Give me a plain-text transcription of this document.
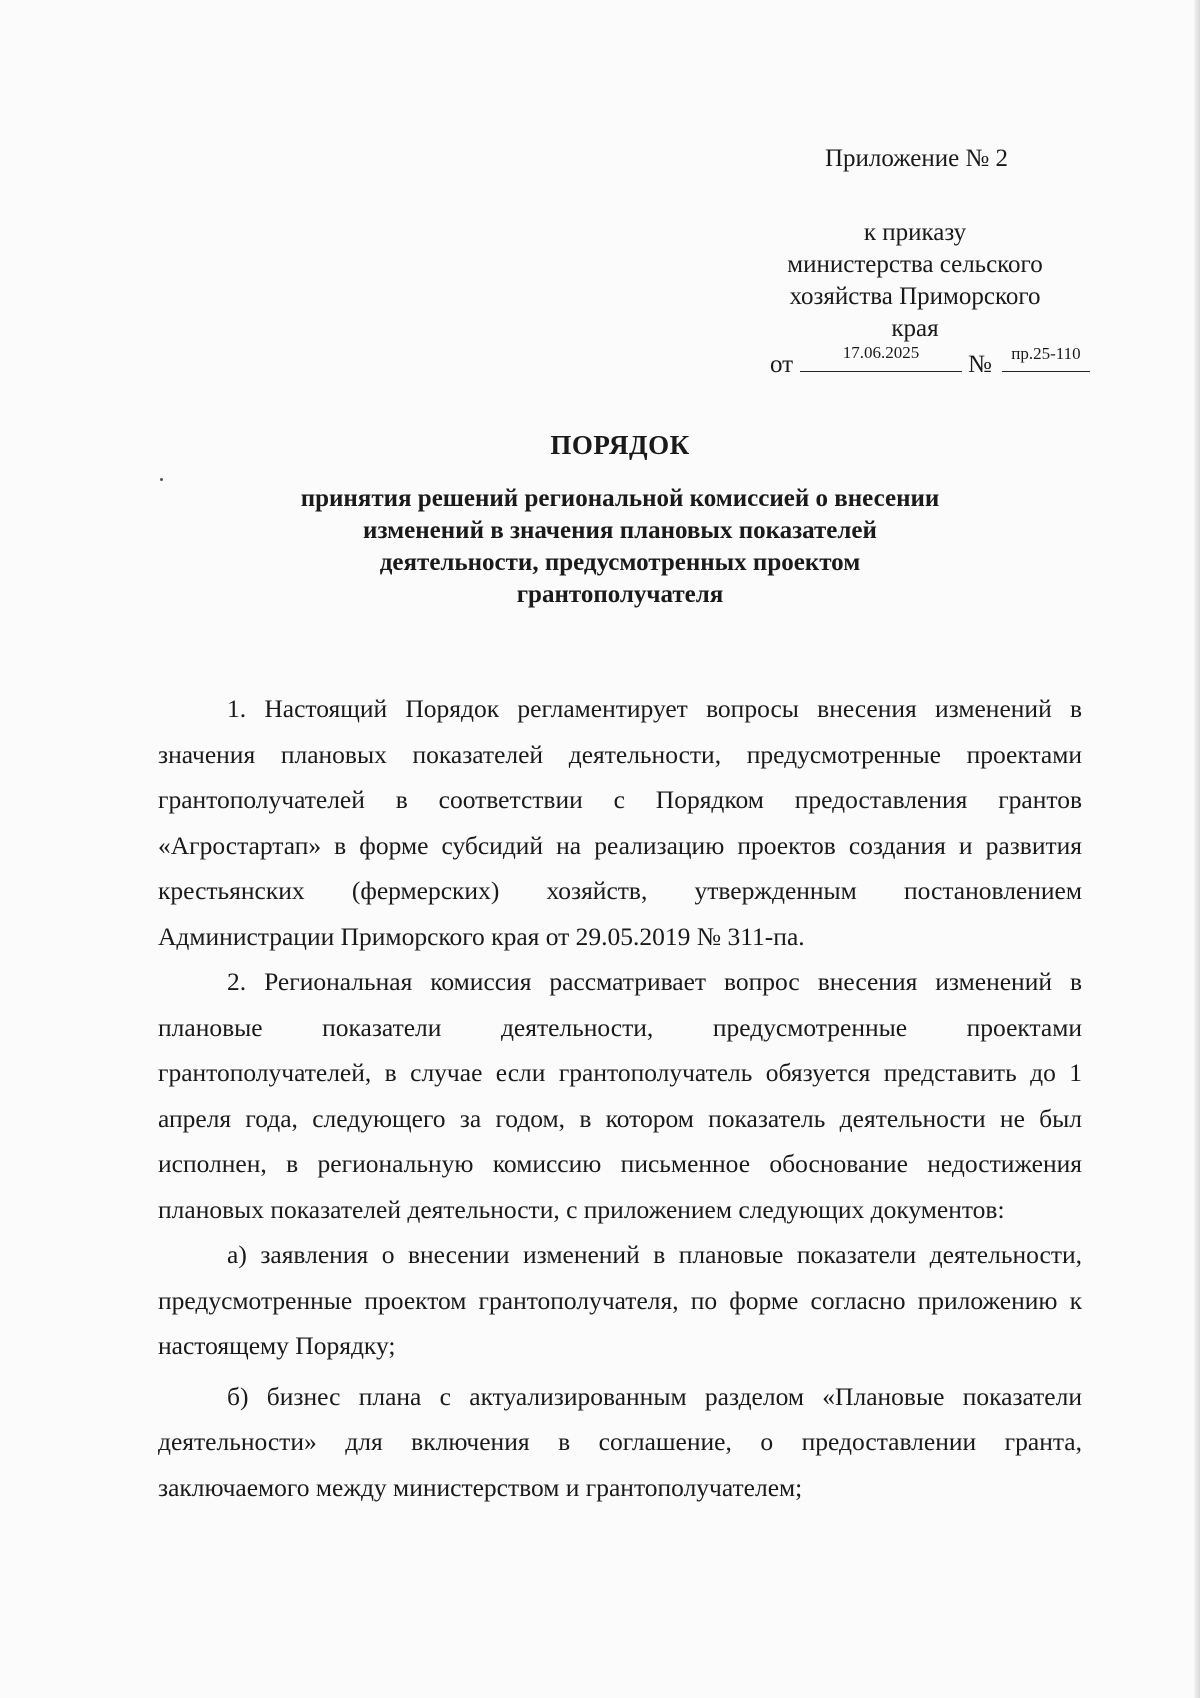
Приложение № 2
к приказу
министерства сельского
хозяйства Приморского
края
от	17.06.2025	№	пр.25-110
ПОРЯДОК
принятия решений региональной комиссией о внесении
изменений в значения плановых показателей
деятельности, предусмотренных проектом
грантополучателя

1. Настоящий Порядок регламентирует вопросы внесения изменений в значения плановых показателей деятельности, предусмотренные проектами грантополучателей в соответствии с Порядком предоставления грантов «Агростартап» в форме субсидий на реализацию проектов создания и развития крестьянских (фермерских) хозяйств, утвержденным постановлением Администрации Приморского края от 29.05.2019 № 311-па.

2. Региональная комиссия рассматривает вопрос внесения изменений в плановые показатели деятельности, предусмотренные проектами грантополучателей, в случае если грантополучатель обязуется представить до 1 апреля года, следующего за годом, в котором показатель деятельности не был исполнен, в региональную комиссию письменное обоснование недостижения плановых показателей деятельности, с приложением следующих документов:

а) заявления о внесении изменений в плановые показатели деятельности, предусмотренные проектом грантополучателя, по форме согласно приложению к настоящему Порядку;

б) бизнес плана с актуализированным разделом «Плановые показатели деятельности» для включения в соглашение, о предоставлении гранта, заключаемого между министерством и грантополучателем;
